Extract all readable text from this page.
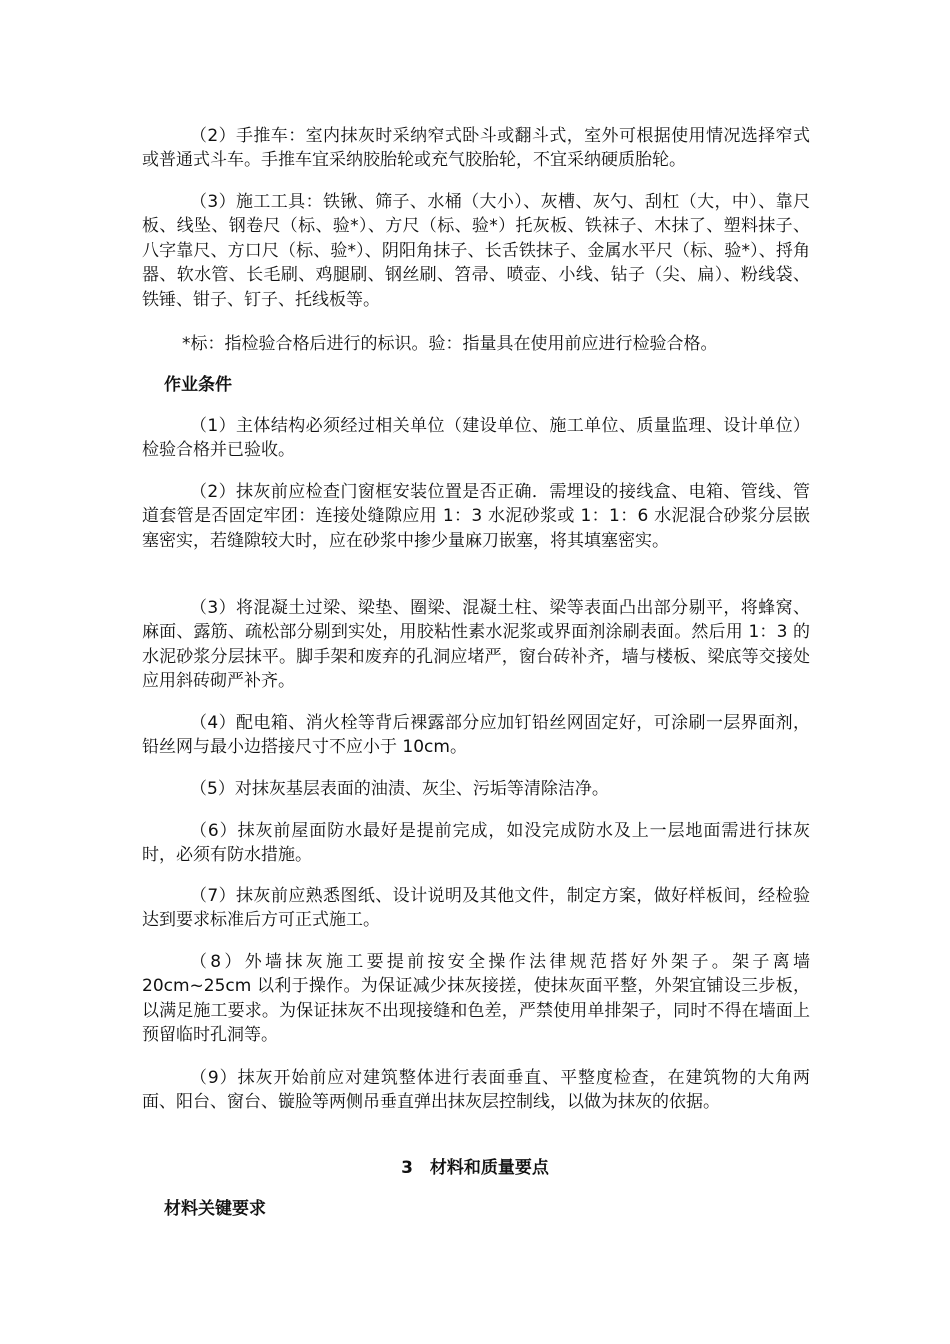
（2）手推车：室内抹灰时采纳窄式卧斗或翻斗式，室外可根据使用情况选择窄式或普通式斗车。手推车宜采纳胶胎轮或充气胶胎轮，不宜采纳硬质胎轮。

（3）施工工具：铁锹、筛子、水桶（大小）、灰槽、灰勺、刮杠（大，中）、靠尺板、线坠、钢卷尺（标、验*）、方尺（标、验*）托灰板、铁袜子、木抹了、塑料抹子、八字靠尺、方口尺（标、验*）、阴阳角抹子、长舌铁抹子、金属水平尺（标、验*）、捋角器、软水管、长毛刷、鸡腿刷、钢丝刷、笤帚、喷壶、小线、钻子（尖、扁）、粉线袋、铁锤、钳子、钉子、托线板等。

*标：指检验合格后进行的标识。验：指量具在使用前应进行检验合格。

作业条件

（1）主体结构必须经过相关单位（建设单位、施工单位、质量监理、设计单位）检验合格并已验收。

（2）抹灰前应检查门窗框安装位置是否正确．需埋设的接线盒、电箱、管线、管道套管是否固定牢团：连接处缝隙应用 1：3 水泥砂浆或 1：1：6 水泥混合砂浆分层嵌塞密实，若缝隙较大时，应在砂浆中掺少量麻刀嵌塞，将其填塞密实。

（3）将混凝土过梁、梁垫、圈梁、混凝土柱、梁等表面凸出部分剔平，将蜂窝、麻面、露筋、疏松部分剔到实处，用胶粘性素水泥浆或界面剂涂刷表面。然后用 1：3 的水泥砂浆分层抹平。脚手架和废弃的孔洞应堵严，窗台砖补齐，墙与楼板、梁底等交接处应用斜砖砌严补齐。

（4）配电箱、消火栓等背后裸露部分应加钉铅丝网固定好，可涂刷一层界面剂，铅丝网与最小边搭接尺寸不应小于 10cm。

（5）对抹灰基层表面的油渍、灰尘、污垢等清除洁净。

（6）抹灰前屋面防水最好是提前完成，如没完成防水及上一层地面需进行抹灰时，必须有防水措施。

（7）抹灰前应熟悉图纸、设计说明及其他文件，制定方案，做好样板间，经检验达到要求标准后方可正式施工。

（8）外墙抹灰施工要提前按安全操作法律规范搭好外架子。架子离墙 20cm~25cm 以利于操作。为保证减少抹灰接搓，使抹灰面平整，外架宜铺设三步板，以满足施工要求。为保证抹灰不出现接缝和色差，严禁使用单排架子，同时不得在墙面上预留临时孔洞等。

（9）抹灰开始前应对建筑整体进行表面垂直、平整度检查，在建筑物的大角两面、阳台、窗台、镟脸等两侧吊垂直弹出抹灰层控制线，以做为抹灰的依据。

3　材料和质量要点

材料关键要求
